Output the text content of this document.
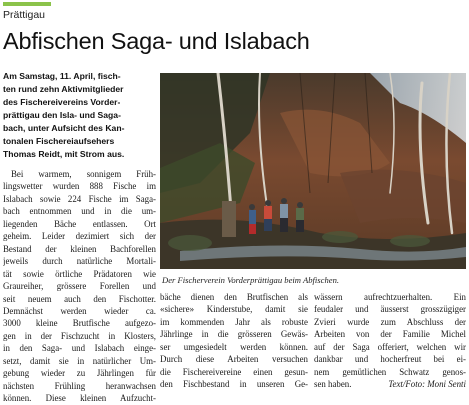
Prättigau
Abfischen Saga- und Islabach
Am Samstag, 11. April, fisch-
ten rund zehn Aktivmitglieder
des Fischereivereins Vorder-
prättigau den Isla- und Saga-
bach, unter Aufsicht des Kan-
tonalen Fischereiaufsehers
Thomas Reidt, mit Strom aus.
Der Fischerverein Vorderprättigau beim Abfischen.
Bei warmem, sonnigem Früh-
lingswetter wurden 888 Fische im
Islabach sowie 224 Fische im Saga-
bach entnommen und in die um-
liegenden Bäche entlassen. Ort
geheim. Leider dezimiert sich der
Bestand der kleinen Bachforellen
jeweils durch natürliche Mortali-
tät sowie örtliche Prädatoren wie
Graureiher, grössere Forellen und
seit neuem auch den Fischotter.
Demnächst werden wieder ca.
3000 kleine Brutfische aufgezo-
gen in der Fischzucht in Klosters,
in den Saga- und Islabach einge-
setzt, damit sie in natürlicher Um-
gebung wieder zu Jährlingen für
nächsten Frühling heranwachsen
können. Diese kleinen Aufzucht-
bäche dienen den Brutfischen als
«sichere» Kinderstube, damit sie
im kommenden Jahr als robuste
Jährlinge in die grösseren Gewäs-
ser umgesiedelt werden können.
Durch diese Arbeiten versuchen
die Fischereivereine einen gesun-
den Fischbestand in unseren Ge-
wässern aufrechtzuerhalten. Ein
feudaler und äusserst grosszügiger
Zvieri wurde zum Abschluss der
Arbeiten von der Familie Michel
auf der Saga offeriert, welchen wir
dankbar und hocherfreut bei ei-
nem gemütlichen Schwatz genos-
sen haben.	Text/Foto: Moni Senti
